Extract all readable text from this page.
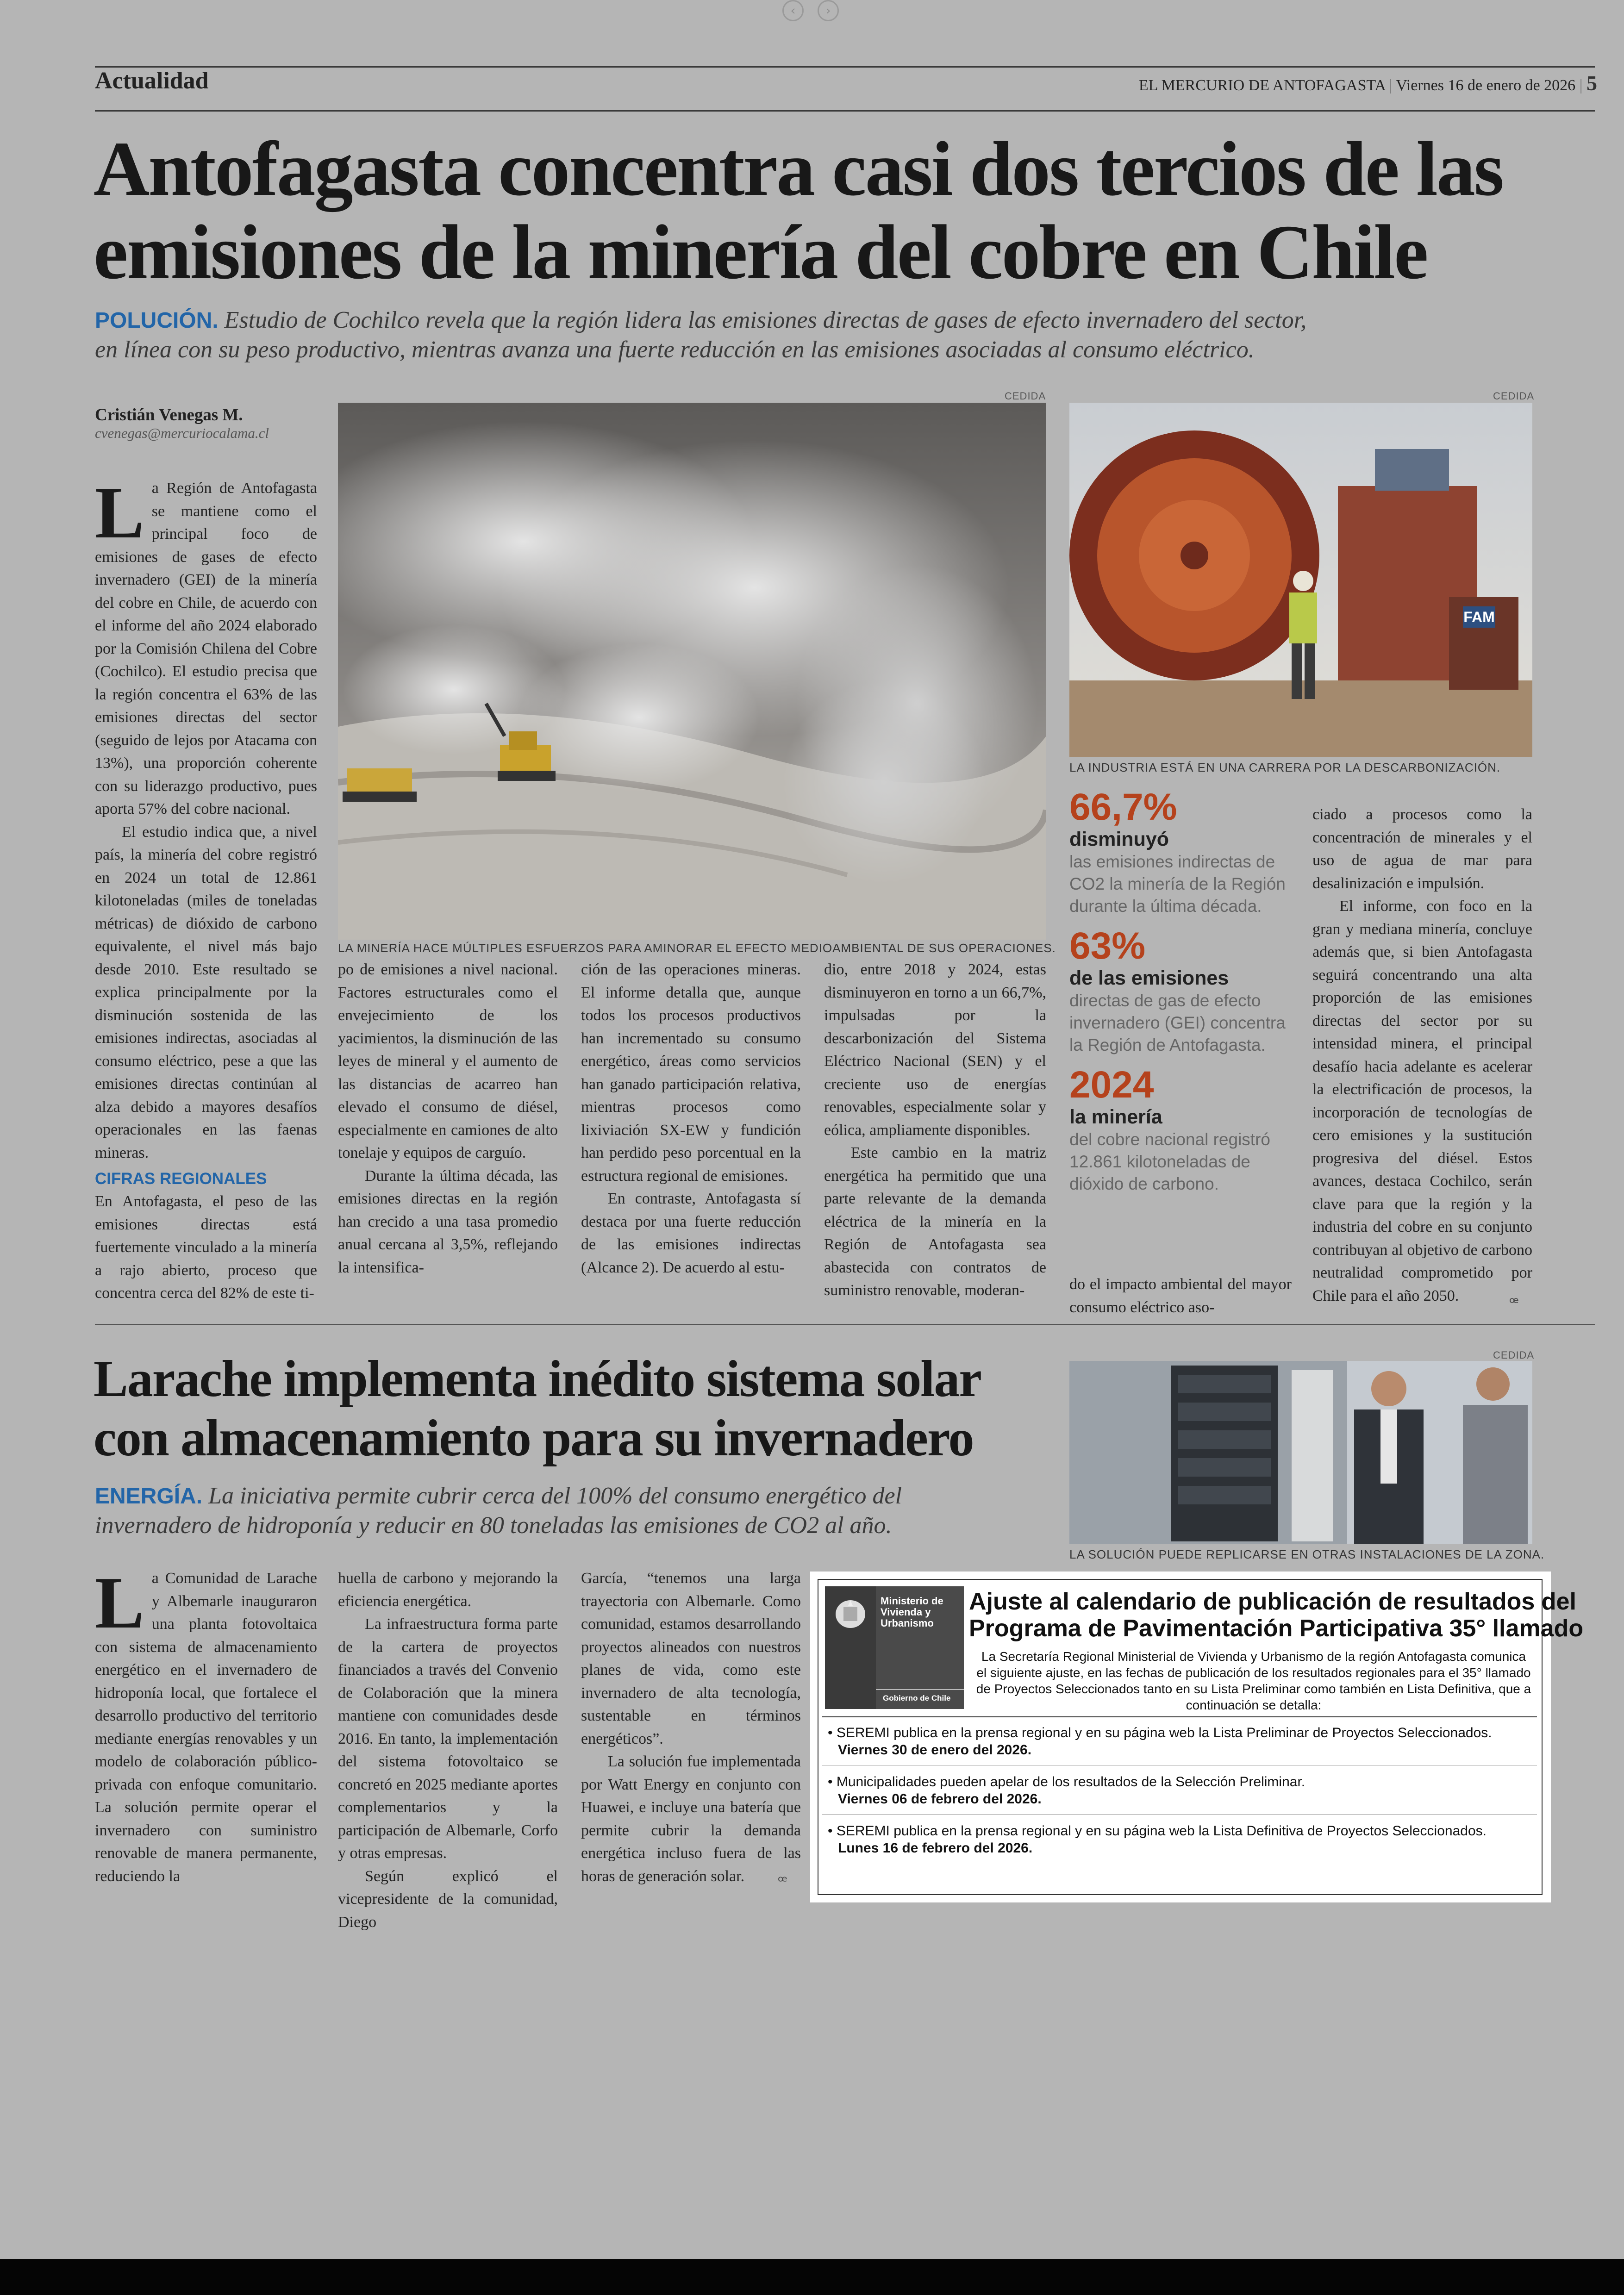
‹ ›
Actualidad	EL MERCURIO DE ANTOFAGASTA | Viernes 16 de enero de 2026 | 5
Antofagasta concentra casi dos tercios de las
emisiones de la minería del cobre en Chile
POLUCIÓN. Estudio de Cochilco revela que la región lidera las emisiones directas de gases de efecto invernadero del sector,
en línea con su peso productivo, mientras avanza una fuerte reducción en las emisiones asociadas al consumo eléctrico.
Cristián Venegas M.
cvenegas@mercuriocalama.cl
CEDIDA
LA MINERÍA HACE MÚLTIPLES ESFUERZOS PARA AMINORAR EL EFECTO MEDIOAMBIENTAL DE SUS OPERACIONES.
CEDIDA
FAM
LA INDUSTRIA ESTÁ EN UNA CARRERA POR LA DESCARBONIZACIÓN.

La Región de Antofagasta se mantiene como el principal foco de emisiones de gases de efecto invernadero (GEI) de la minería del cobre en Chile, de acuerdo con el informe del año 2024 elaborado por la Comisión Chilena del Cobre (Cochilco). El estudio precisa que la región concentra el 63% de las emisiones directas del sector (seguido de lejos por Atacama con 13%), una proporción coherente con su liderazgo productivo, pues aporta 57% del cobre nacional.

El estudio indica que, a nivel país, la minería del cobre registró en 2024 un total de 12.861 kilotoneladas (miles de toneladas métricas) de dióxido de carbono equivalente, el nivel más bajo desde 2010. Este resultado se explica principalmente por la disminución sostenida de las emisiones indirectas, asociadas al consumo eléctrico, pese a que las emisiones directas continúan al alza debido a mayores desafíos operacionales en las faenas mineras.

CIFRAS REGIONALES

En Antofagasta, el peso de las emisiones directas está fuertemente vinculado a la minería a rajo abierto, proceso que concentra cerca del 82% de este ti-

po de emisiones a nivel nacional. Factores estructurales como el envejecimiento de los yacimientos, la disminución de las leyes de mineral y el aumento de las distancias de acarreo han elevado el consumo de diésel, especialmente en camiones de alto tonelaje y equipos de carguío.

Durante la última década, las emisiones directas en la región han crecido a una tasa promedio anual cercana al 3,5%, reflejando la intensifica-

ción de las operaciones mineras. El informe detalla que, aunque todos los procesos productivos han incrementado su consumo energético, áreas como servicios han ganado participación relativa, mientras procesos como lixiviación SX-EW y fundición han perdido peso porcentual en la estructura regional de emisiones.

En contraste, Antofagasta sí destaca por una fuerte reducción de las emisiones indirectas (Alcance 2). De acuerdo al estu-

dio, entre 2018 y 2024, estas disminuyeron en torno a un 66,7%, impulsadas por la descarbonización del Sistema Eléctrico Nacional (SEN) y el creciente uso de energías renovables, especialmente solar y eólica, ampliamente disponibles.

Este cambio en la matriz energética ha permitido que una parte relevante de la demanda eléctrica de la minería en la Región de Antofagasta sea abastecida con contratos de suministro renovable, moderan-

66,7%
disminuyó
las emisiones indirectas de CO2 la minería de la Región durante la última década.
63%
de las emisiones
directas de gas de efecto invernadero (GEI) concentra la Región de Antofagasta.
2024
la minería
del cobre nacional registró 12.861 kilotoneladas de dióxido de carbono.

do el impacto ambiental del mayor consumo eléctrico aso-

ciado a procesos como la concentración de minerales y el uso de agua de mar para desalinización e impulsión.

El informe, con foco en la gran y mediana minería, concluye además que, si bien Antofagasta seguirá concentrando una alta proporción de las emisiones directas del sector por su intensidad minera, el principal desafío hacia adelante es acelerar la electrificación de procesos, la incorporación de tecnologías de cero emisiones y la sustitución progresiva del diésel. Estos avances, destaca Cochilco, serán clave para que la región y la industria del cobre en su conjunto contribuyan al objetivo de carbono neutralidad comprometido por Chile para el año 2050.	ꟹ
Larache implementa inédito sistema solar
con almacenamiento para su invernadero
ENERGÍA. La iniciativa permite cubrir cerca del 100% del consumo energético del
invernadero de hidroponía y reducir en 80 toneladas las emisiones de CO2 al año.
CEDIDA
LA SOLUCIÓN PUEDE REPLICARSE EN OTRAS INSTALACIONES DE LA ZONA.

La Comunidad de Larache y Albemarle inauguraron una planta fotovoltaica con sistema de almacenamiento energético en el invernadero de hidroponía local, que fortalece el desarrollo productivo del territorio mediante energías renovables y un modelo de colaboración público-privada con enfoque comunitario. La solución permite operar el invernadero con suministro renovable de manera permanente, reduciendo la

huella de carbono y mejorando la eficiencia energética.

La infraestructura forma parte de la cartera de proyectos financiados a través del Convenio de Colaboración que la minera mantiene con comunidades desde 2016. En tanto, la implementación del sistema fotovoltaico se concretó en 2025 mediante aportes complementarios y la participación de Albemarle, Corfo y otras empresas.

Según explicó el vicepresidente de la comunidad, Diego

García, “tenemos una larga trayectoria con Albemarle. Como comunidad, estamos desarrollando proyectos alineados con nuestros planes de vida, como este invernadero de alta tecnología, sustentable en términos energéticos”.

La solución fue implementada por Watt Energy en conjunto con Huawei, e incluye una batería que permite cubrir la demanda energética incluso fuera de las horas de generación solar.	ꟹ
Ministerio de Vivienda y Urbanismo
Gobierno de Chile
Ajuste al calendario de publicación de resultados del
Programa de Pavimentación Participativa 35° llamado
La Secretaría Regional Ministerial de Vivienda y Urbanismo de la región Antofagasta comunica el siguiente ajuste, en las fechas de publicación de los resultados regionales para el 35° llamado de Proyectos Seleccionados tanto en su Lista Preliminar como también en Lista Definitiva, que a continuación se detalla:
• SEREMI publica en la prensa regional y en su página web la Lista Preliminar de Proyectos Seleccionados.
Viernes 30 de enero del 2026.
• Municipalidades pueden apelar de los resultados de la Selección Preliminar.
Viernes 06 de febrero del 2026.
• SEREMI publica en la prensa regional y en su página web la Lista Definitiva de Proyectos Seleccionados.
Lunes 16 de febrero del 2026.
